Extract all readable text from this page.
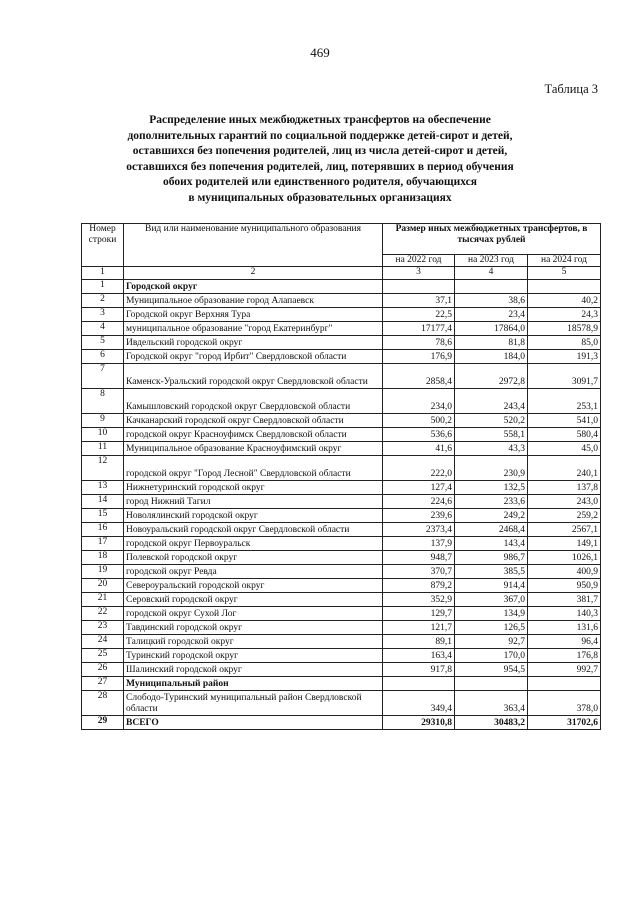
469
Таблица 3
Распределение иных межбюджетных трансфертов на обеспечение
дополнительных гарантий по социальной поддержке детей-сирот и детей,
оставшихся без попечения родителей, лиц из числа детей-сирот и детей,
оставшихся без попечения родителей, лиц, потерявших в период обучения
обоих родителей или единственного родителя, обучающихся
в муниципальных образовательных организациях
Номер строки	Вид или наименование муниципального образования	Размер иных межбюджетных трансфертов, в тысячах рублей		
		на 2022 год	на 2023 год	на 2024 год
1	2	3	4	5
1	Городской округ			
2	Муниципальное образование город Алапаевск	37,1	38,6	40,2
3	Городской округ Верхняя Тура	22,5	23,4	24,3
4	муниципальное образование "город Екатеринбург"	17177,4	17864,0	18578,9
5	Ивдельский городской округ	78,6	81,8	85,0
6	Городской округ "город Ирбит" Свердловской области	176,9	184,0	191,3
7	Каменск-Уральский городской округ Свердловской области	2858,4	2972,8	3091,7
8	Камышловский городской округ Свердловской области	234,0	243,4	253,1
9	Качканарский городской округ Свердловской области	500,2	520,2	541,0
10	городской округ Красноуфимск Свердловской области	536,6	558,1	580,4
11	Муниципальное образование Красноуфимский округ	41,6	43,3	45,0
12	городской округ "Город Лесной" Свердловской области	222,0	230,9	240,1
13	Нижнетуринский городской округ	127,4	132,5	137,8
14	город Нижний Тагил	224,6	233,6	243,0
15	Новолялинский городской округ	239,6	249,2	259,2
16	Новоуральский городской округ Свердловской области	2373,4	2468,4	2567,1
17	городской округ Первоуральск	137,9	143,4	149,1
18	Полевской городской округ	948,7	986,7	1026,1
19	городской округ Ревда	370,7	385,5	400,9
20	Североуральский городской округ	879,2	914,4	950,9
21	Серовский городской округ	352,9	367,0	381,7
22	городской округ Сухой Лог	129,7	134,9	140,3
23	Тавдинский городской округ	121,7	126,5	131,6
24	Талицкий городской округ	89,1	92,7	96,4
25	Туринский городской округ	163,4	170,0	176,8
26	Шалинский городской округ	917,8	954,5	992,7
27	Муниципальный район			
28	Слободо-Туринский муниципальный район Свердловской области	349,4	363,4	378,0
29	ВСЕГО	29310,8	30483,2	31702,6
